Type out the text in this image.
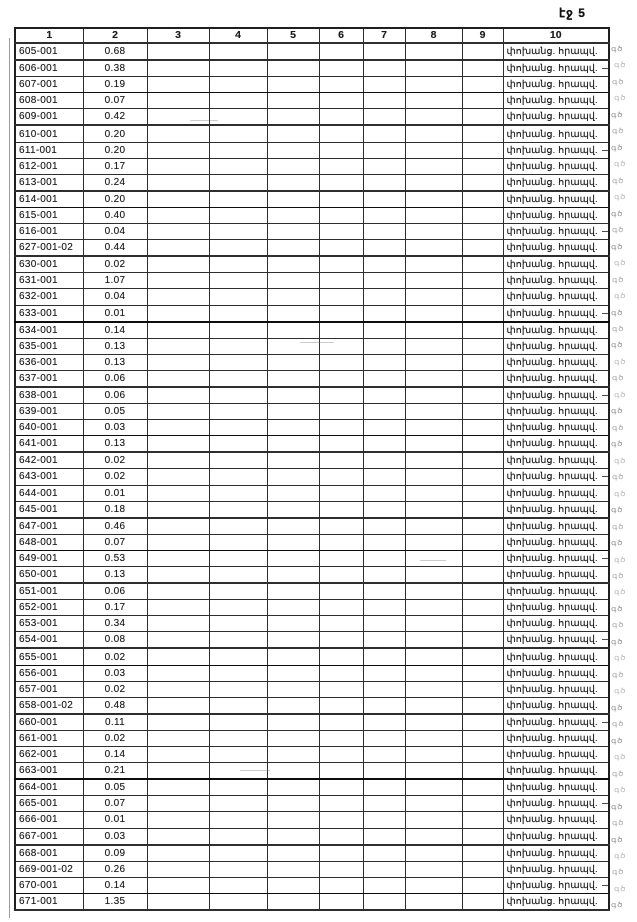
էջ 5
1	2	3	4	5	6	7	8	9	10
605-001	0.68								փոխանց. հրապվ.
606-001	0.38								փոխանց. հրապվ.
607-001	0.19								փոխանց. հրապվ.
608-001	0.07								փոխանց. հրապվ.
609-001	0.42								փոխանց. հրապվ.
610-001	0.20								փոխանց. հրապվ.
611-001	0.20								փոխանց. հրապվ.
612-001	0.17								փոխանց. հրապվ.
613-001	0.24								փոխանց. հրապվ.
614-001	0.20								փոխանց. հրապվ.
615-001	0.40								փոխանց. հրապվ.
616-001	0.04								փոխանց. հրապվ.
627-001-02	0.44								փոխանց. հրապվ.
630-001	0.02								փոխանց. հրապվ.
631-001	1.07								փոխանց. հրապվ.
632-001	0.04								փոխանց. հրապվ.
633-001	0.01								փոխանց. հրապվ.
634-001	0.14								փոխանց. հրապվ.
635-001	0.13								փոխանց. հրապվ.
636-001	0.13								փոխանց. հրապվ.
637-001	0.06								փոխանց. հրապվ.
638-001	0.06								փոխանց. հրապվ.
639-001	0.05								փոխանց. հրապվ.
640-001	0.03								փոխանց. հրապվ.
641-001	0.13								փոխանց. հրապվ.
642-001	0.02								փոխանց. հրապվ.
643-001	0.02								փոխանց. հրապվ.
644-001	0.01								փոխանց. հրապվ.
645-001	0.18								փոխանց. հրապվ.
647-001	0.46								փոխանց. հրապվ.
648-001	0.07								փոխանց. հրապվ.
649-001	0.53								փոխանց. հրապվ.
650-001	0.13								փոխանց. հրապվ.
651-001	0.06								փոխանց. հրապվ.
652-001	0.17								փոխանց. հրապվ.
653-001	0.34								փոխանց. հրապվ.
654-001	0.08								փոխանց. հրապվ.
655-001	0.02								փոխանց. հրապվ.
656-001	0.03								փոխանց. հրապվ.
657-001	0.02								փոխանց. հրապվ.
658-001-02	0.48								փոխանց. հրապվ.
660-001	0.11								փոխանց. հրապվ.
661-001	0.02								փոխանց. հրապվ.
662-001	0.14								փոխանց. հրապվ.
663-001	0.21								փոխանց. հրապվ.
664-001	0.05								փոխանց. հրապվ.
665-001	0.07								փոխանց. հրապվ.
666-001	0.01								փոխանց. հրապվ.
667-001	0.03								փոխանց. հրապվ.
668-001	0.09								փոխանց. հրապվ.
669-001-02	0.26								փոխանց. հրապվ.
670-001	0.14								փոխանց. հրապվ.
671-001	1.35								փոխանց. հրապվ.
գծ
գծ
գծ
գծ
գծ
գծ
գծ
գծ
գծ
գծ
գծ
գծ
գծ
գծ
գծ
գծ
գծ
գծ
գծ
գծ
գծ
գծ
գծ
գծ
գծ
գծ
գծ
գծ
գծ
գծ
գծ
գծ
գծ
գծ
գծ
գծ
գծ
գծ
գծ
գծ
գծ
գծ
գծ
գծ
գծ
գծ
գծ
գծ
գծ
գծ
գծ
գծ
գծ
